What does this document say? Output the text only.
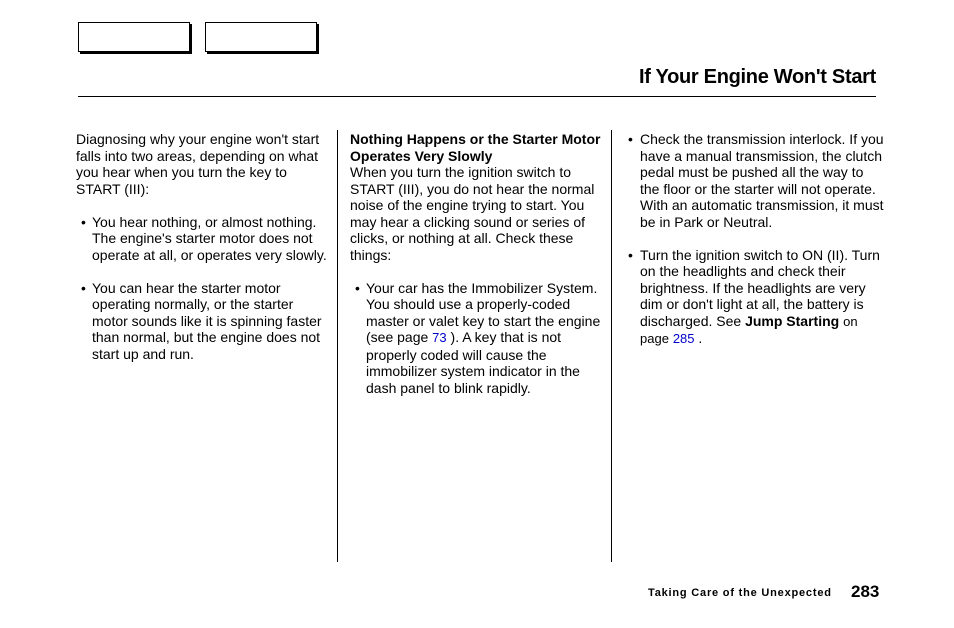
If Your Engine Won't Start

Diagnosing why your engine won't start falls into two areas, depending on what you hear when you turn the key to START (III):

• You hear nothing, or almost nothing. The engine's starter motor does not operate at all, or operates very slowly.
• You can hear the starter motor operating normally, or the starter motor sounds like it is spinning faster than normal, but the engine does not start up and run.
Nothing Happens or the Starter Motor Operates Very Slowly

When you turn the ignition switch to START (III), you do not hear the normal noise of the engine trying to start. You may hear a clicking sound or series of clicks, or nothing at all. Check these things:

• Your car has the Immobilizer System. You should use a properly-coded master or valet key to start the engine (see page 73 ). A key that is not properly coded will cause the immobilizer system indicator in the dash panel to blink rapidly.
• Check the transmission interlock. If you have a manual transmission, the clutch pedal must be pushed all the way to the floor or the starter will not operate. With an automatic transmission, it must be in Park or Neutral.
• Turn the ignition switch to ON (II). Turn on the headlights and check their brightness. If the headlights are very dim or don't light at all, the battery is discharged. See Jump Starting on page 285 .
Taking Care of the Unexpected 283
